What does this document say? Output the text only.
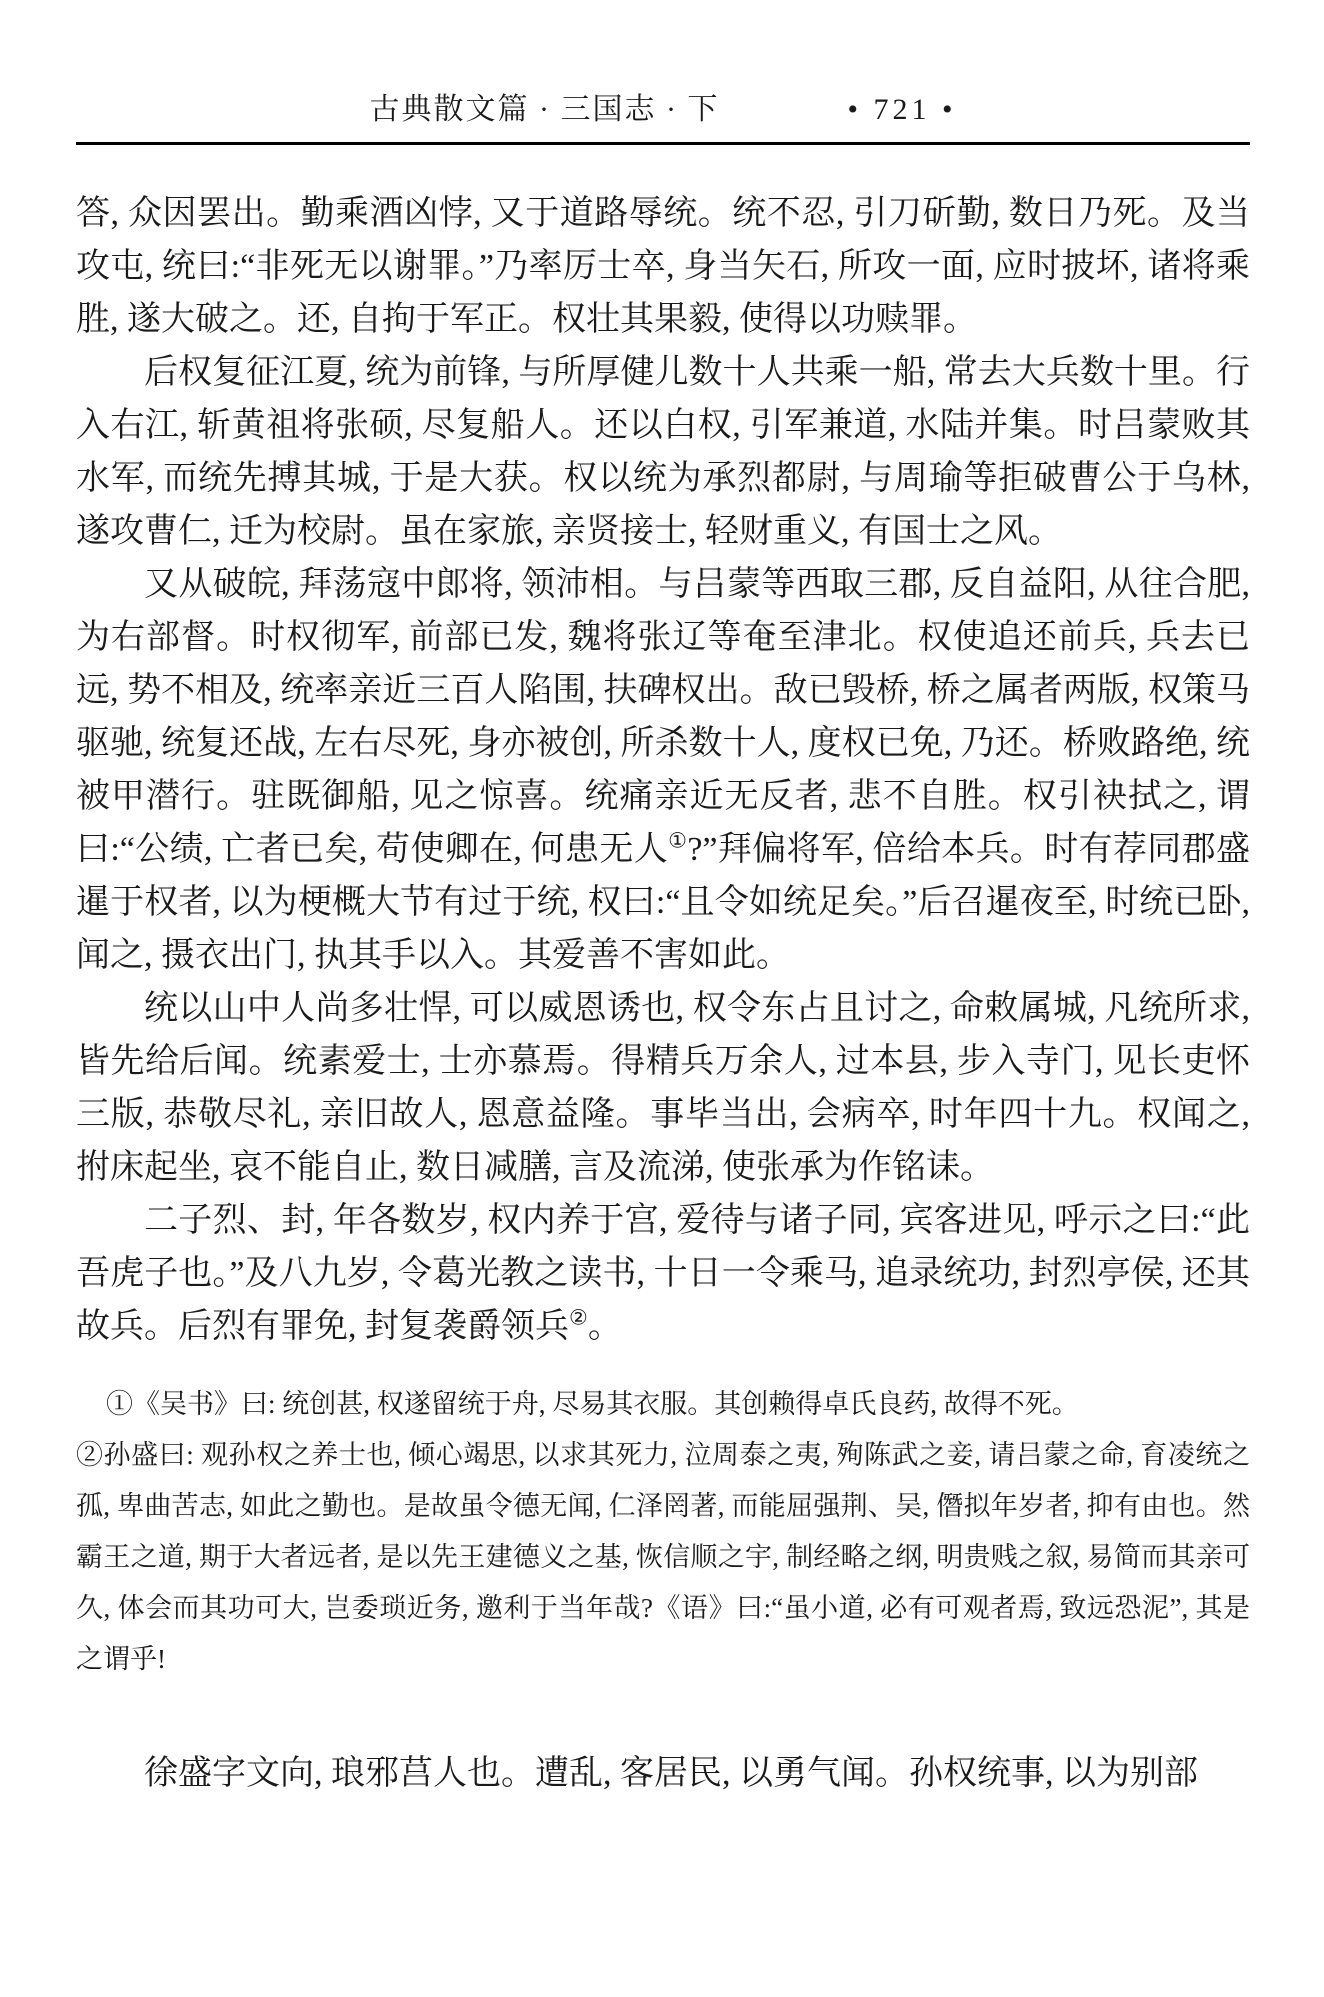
古典散文篇 · 三国志 · 下	• 721 •

答, 众因罢出。勤乘酒凶悖, 又于道路辱统。统不忍, 引刀斫勤, 数日乃死。及当攻屯, 统曰:“非死无以谢罪。”乃率厉士卒, 身当矢石, 所攻一面, 应时披坏, 诸将乘胜, 遂大破之。还, 自拘于军正。权壮其果毅, 使得以功赎罪。

后权复征江夏, 统为前锋, 与所厚健儿数十人共乘一船, 常去大兵数十里。行入右江, 斩黄祖将张硕, 尽复船人。还以白权, 引军兼道, 水陆并集。时吕蒙败其水军, 而统先搏其城, 于是大获。权以统为承烈都尉, 与周瑜等拒破曹公于乌林, 遂攻曹仁, 迁为校尉。虽在家旅, 亲贤接士, 轻财重义, 有国士之风。

又从破皖, 拜荡寇中郎将, 领沛相。与吕蒙等西取三郡, 反自益阳, 从往合肥, 为右部督。时权彻军, 前部已发, 魏将张辽等奄至津北。权使追还前兵, 兵去已远, 势不相及, 统率亲近三百人陷围, 扶碑权出。敌已毁桥, 桥之属者两版, 权策马驱驰, 统复还战, 左右尽死, 身亦被创, 所杀数十人, 度权已免, 乃还。桥败路绝, 统被甲潜行。驻既御船, 见之惊喜。统痛亲近无反者, 悲不自胜。权引袂拭之, 谓曰:“公绩, 亡者已矣, 苟使卿在, 何患无人①?”拜偏将军, 倍给本兵。时有荐同郡盛暹于权者, 以为梗概大节有过于统, 权曰:“且令如统足矣。”后召暹夜至, 时统已卧, 闻之, 摄衣出门, 执其手以入。其爱善不害如此。

统以山中人尚多壮悍, 可以威恩诱也, 权令东占且讨之, 命敕属城, 凡统所求, 皆先给后闻。统素爱士, 士亦慕焉。得精兵万余人, 过本县, 步入寺门, 见长吏怀三版, 恭敬尽礼, 亲旧故人, 恩意益隆。事毕当出, 会病卒, 时年四十九。权闻之, 拊床起坐, 哀不能自止, 数日减膳, 言及流涕, 使张承为作铭诔。

二子烈、封, 年各数岁, 权内养于宫, 爱待与诸子同, 宾客进见, 呼示之曰:“此吾虎子也。”及八九岁, 令葛光教之读书, 十日一令乘马, 追录统功, 封烈亭侯, 还其故兵。后烈有罪免, 封复袭爵领兵②。

①《吴书》曰: 统创甚, 权遂留统于舟, 尽易其衣服。其创赖得卓氏良药, 故得不死。

②孙盛曰: 观孙权之养士也, 倾心竭思, 以求其死力, 泣周泰之夷, 殉陈武之妾, 请吕蒙之命, 育凌统之孤, 卑曲苦志, 如此之勤也。是故虽令德无闻, 仁泽罔著, 而能屈强荆、吴, 僭拟年岁者, 抑有由也。然霸王之道, 期于大者远者, 是以先王建德义之基, 恢信顺之宇, 制经略之纲, 明贵贱之叙, 易简而其亲可久, 体会而其功可大, 岂委琐近务, 邀利于当年哉?《语》曰:“虽小道, 必有可观者焉, 致远恐泥”, 其是之谓乎!

徐盛字文向, 琅邪莒人也。遭乱, 客居民, 以勇气闻。孙权统事, 以为别部
